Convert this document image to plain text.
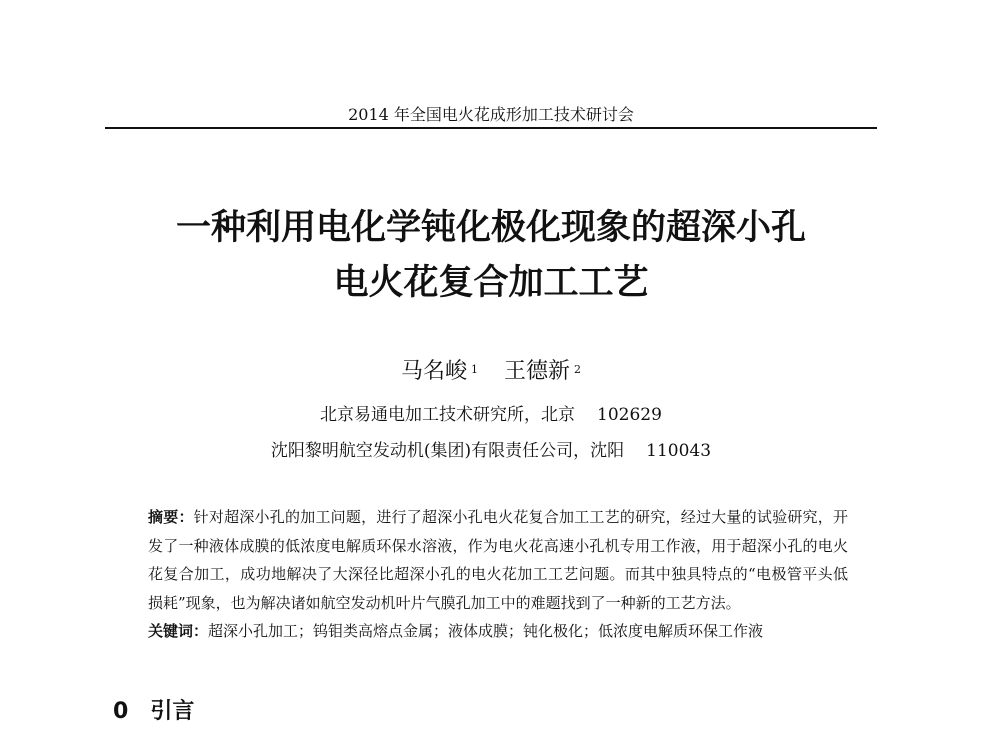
2014 年全国电火花成形加工技术研讨会
一种利用电化学钝化极化现象的超深小孔
电火花复合加工工艺
马名峻 $^1$ 王德新 $^2$
北京易通电加工技术研究所，北京 102629
沈阳黎明航空发动机(集团)有限责任公司，沈阳 110043
摘要：针对超深小孔的加工问题，进行了超深小孔电火花复合加工工艺的研究，经过大量的试验研究，开
发了一种液体成膜的低浓度电解质环保水溶液，作为电火花高速小孔机专用工作液，用于超深小孔的电火
花复合加工，成功地解决了大深径比超深小孔的电火花加工工艺问题。而其中独具特点的“电极管平头低
损耗”现象，也为解决诸如航空发动机叶片气膜孔加工中的难题找到了一种新的工艺方法。
关键词：超深小孔加工；钨钼类高熔点金属；液体成膜；钝化极化；低浓度电解质环保工作液
0 引言
